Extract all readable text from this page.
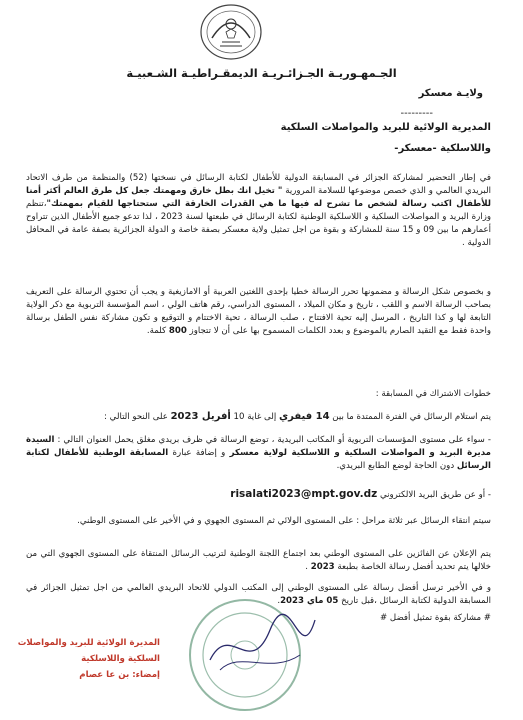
الجـمهـوريـة الجـزائـريـة الديمقـراطيـة الشـعبيـة
ولايـة معسكر
---------
المديرية الولائية للبريد والمواصلات السلكية
واللاسلكية -معسكر-

في إطار التحضير لمشاركة الجزائر في المسابقة الدولية للأطفال لكتابة الرسائل في نسختها (52) والمنظمة من طرف الاتحاد البريدي العالمي و الذي خصص موضوعها للسلامة المرورية " تخيل انك بطل خارق ومهمتك جعل كل طرق العالم أكثر أمنا للأطفال اكتب رسالة لشخص ما تشرح له فيها ما هي القدرات الخارقة التي ستحتاجها للقيام بمهمتك"،تنظم وزارة البريد و المواصلات السلكية و اللاسلكية الوطنية لكتابة الرسائل في طبعتها لسنة 2023 ، لذا تدعو جميع الأطفال الذين تتراوح أعمارهم ما بين 09 و 15 سنة للمشاركة و بقوة من اجل تمثيل ولاية معسكر بصفة خاصة و الدولة الجزائرية بصفة عامة في المحافل الدولية .

و بخصوص شكل الرسالة و مضمونها تحرر الرسالة خطيا بإحدى اللغتين العربية أو الامازيغية و يجب أن تحتوي الرسالة على التعريف بصاحب الرسالة الاسم و اللقب ، تاريخ و مكان الميلاد ، المستوى الدراسي، رقم هاتف الولي ، اسم المؤسسة التربوية مع ذكر الولاية التابعة لها و كذا التاريخ ، المرسل إليه تحية الافتتاح ، صلب الرسالة ، تحية الاختتام و التوقيع و تكون مشاركة نفس الطفل برسالة واحدة فقط مع التقيد الصارم بالموضوع و بعدد الكلمات المسموح بها على أن لا تتجاوز 800 كلمة.

خطوات الاشتراك في المسابقة :

يتم استلام الرسائل في الفترة الممتدة ما بين 14 فيفري إلى غاية 10 أفريل 2023 على النحو التالي :

- سواء على مستوى المؤسسات التربوية أو المكاتب البريدية ، توضع الرسالة في ظرف بريدي مغلق يحمل العنوان التالي : السيدة مديرة البريد و المواصلات السلكية و اللاسلكية لولاية معسكر و إضافة عبارة المسابقة الوطنية للأطفال لكتابة الرسائل دون الحاجة لوضع الطابع البريدي.

- أو عن طريق البريد الالكتروني risalati2023@mpt.gov.dz

سيتم انتقاء الرسائل عبر ثلاثة مراحل : على المستوى الولائي ثم المستوى الجهوي و في الأخير على المستوى الوطني.

يتم الإعلان عن الفائزين على المستوى الوطني بعد اجتماع اللجنة الوطنية لترتيب الرسائل المنتقاة على المستوى الجهوي التي من خلالها يتم تحديد أفضل رسالة الخاصة بطبعة 2023 .

و في الأخير ترسل أفضل رسالة على المستوى الوطني إلى المكتب الدولي للاتحاد البريدي العالمي من اجل تمثيل الجزائر في المسابقة الدولية لكتابة الرسائل ،قبل تاريخ 05 ماي 2023.

# مشاركة بقوة تمثيل أفضل #
المديرة الولائية للبريد والمواصلات
السلكية واللاسلكية
إمضاء: بن عا عصام
